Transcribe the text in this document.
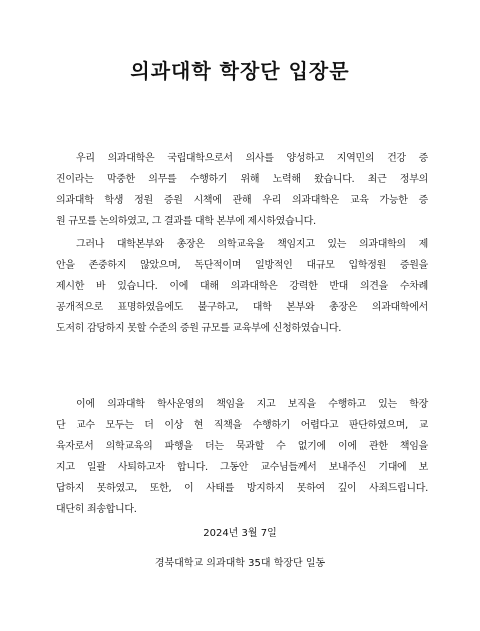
의과대학 학장단 입장문
우리 의과대학은 국립대학으로서 의사를 양성하고 지역민의 건강 증
진이라는 막중한 의무를 수행하기 위해 노력해 왔습니다. 최근 정부의
의과대학 학생 정원 증원 시책에 관해 우리 의과대학은 교육 가능한 증
원 규모를 논의하였고, 그 결과를 대학 본부에 제시하였습니다.
그러나 대학본부와 총장은 의학교육을 책임지고 있는 의과대학의 제
안을 존중하지 않았으며, 독단적이며 일방적인 대규모 입학정원 증원을
제시한 바 있습니다. 이에 대해 의과대학은 강력한 반대 의견을 수차례
공개적으로 표명하였음에도 불구하고, 대학 본부와 총장은 의과대학에서
도저히 감당하지 못할 수준의 증원 규모를 교육부에 신청하였습니다.
이에 의과대학 학사운영의 책임을 지고 보직을 수행하고 있는 학장
단 교수 모두는 더 이상 현 직책을 수행하기 어렵다고 판단하였으며, 교
육자로서 의학교육의 파행을 더는 묵과할 수 없기에 이에 관한 책임을
지고 일괄 사퇴하고자 합니다. 그동안 교수님들께서 보내주신 기대에 보
답하지 못하였고, 또한, 이 사태를 방지하지 못하여 깊이 사죄드립니다.
대단히 죄송합니다.
2024년 3월 7일
경북대학교 의과대학 35대 학장단 일동
